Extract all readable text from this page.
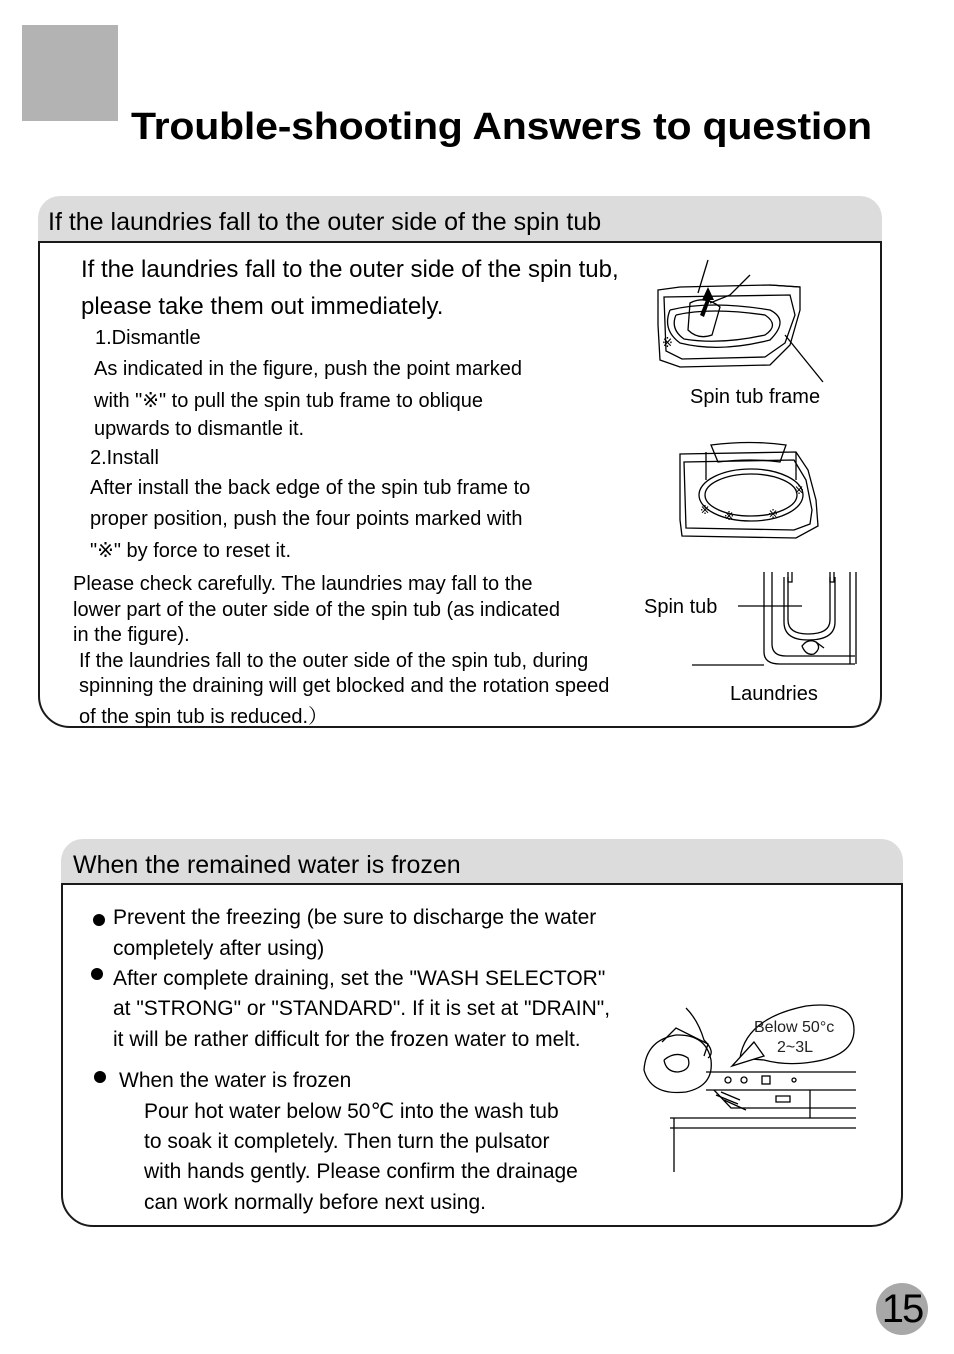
Trouble-shooting Answers to question
If the laundries fall to the outer side of the spin tub
If the laundries fall to the outer side of the spin tub,
please take them out immediately.
1.Dismantle
As indicated in the figure, push the point marked
with "※" to pull the spin tub frame to oblique
upwards to dismantle it.
2.Install
After install the back edge of the spin tub frame to
proper position, push the four points marked with
"※" by force to reset it.
Please check carefully. The laundries may fall to the
lower part of the outer side of the spin tub (as indicated
in the figure).
If the laundries fall to the outer side of the spin tub, during
spinning the draining will get blocked and the rotation speed
of the spin tub is reduced.）
※
Spin tub frame
※ ※	※
※
Spin tub
Laundries
When the remained water is frozen
Prevent the freezing (be sure to discharge the water
completely after using)
After complete draining, set the "WASH SELECTOR"
at "STRONG" or "STANDARD". If it is set at "DRAIN",
it will be rather difficult for the frozen water to melt.
When the water is frozen
Pour hot water below 50℃ into the wash tub
to soak it completely. Then turn the pulsator
with hands gently. Please confirm the drainage
can work normally before next using.
Below 50°c
2~3L
15
